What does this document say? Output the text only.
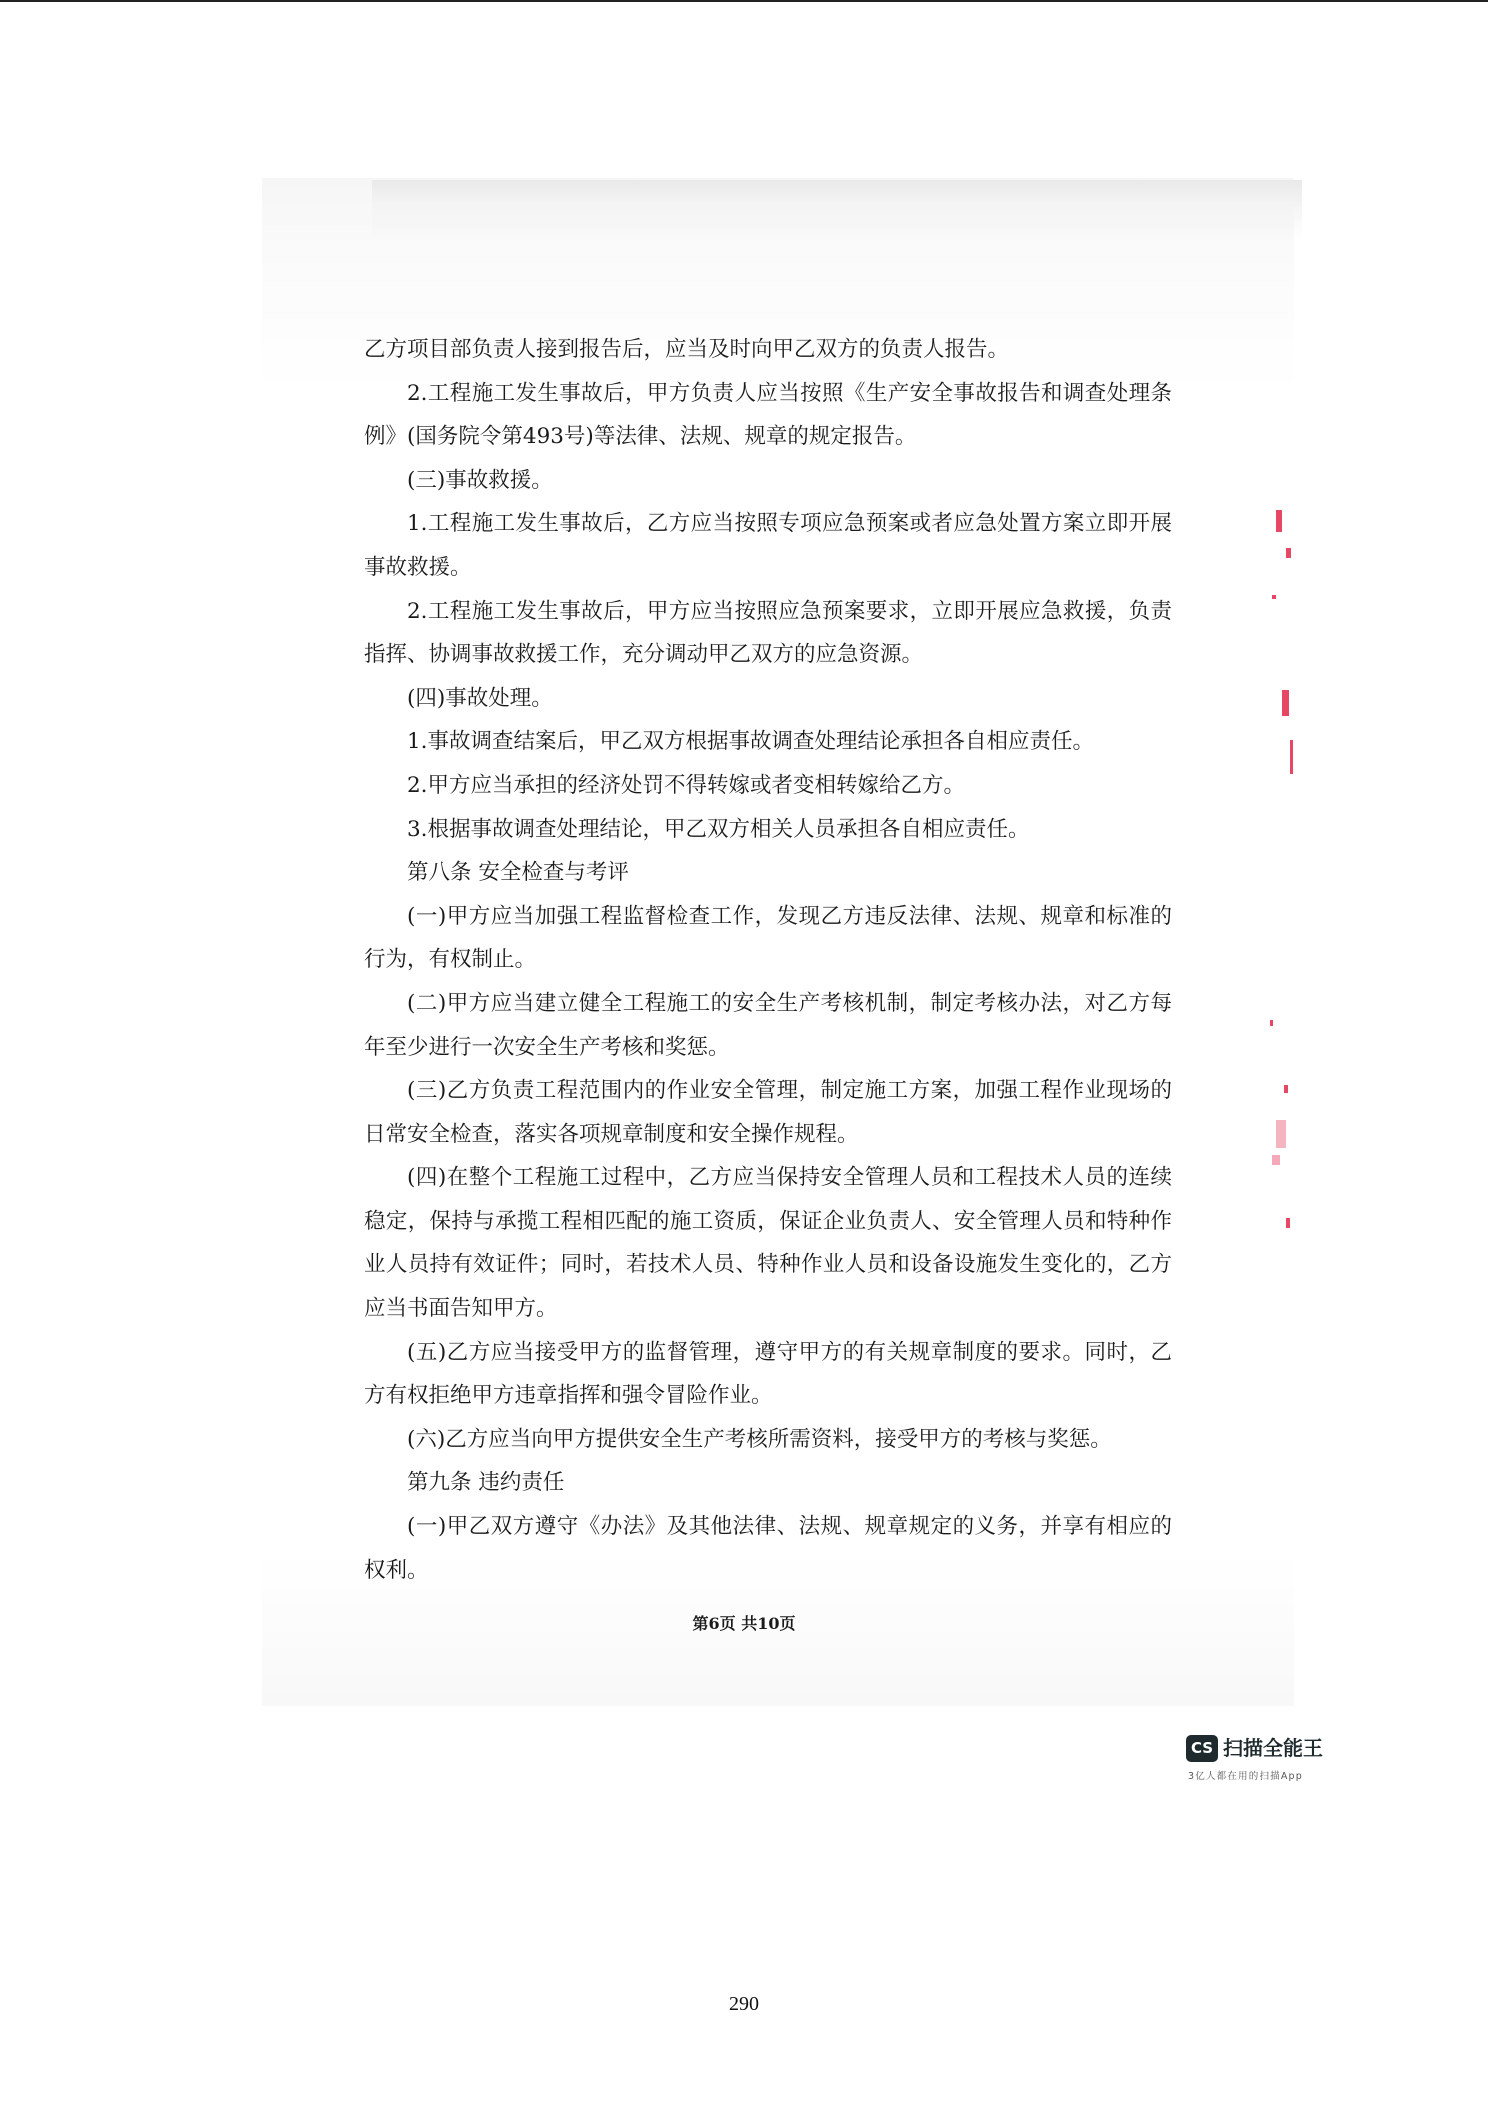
乙方项目部负责人接到报告后，应当及时向甲乙双方的负责人报告。

2.工程施工发生事故后，甲方负责人应当按照《生产安全事故报告和调查处理条例》(国务院令第493号)等法律、法规、规章的规定报告。

(三)事故救援。

1.工程施工发生事故后，乙方应当按照专项应急预案或者应急处置方案立即开展事故救援。

2.工程施工发生事故后，甲方应当按照应急预案要求，立即开展应急救援，负责指挥、协调事故救援工作，充分调动甲乙双方的应急资源。

(四)事故处理。

1.事故调查结案后，甲乙双方根据事故调查处理结论承担各自相应责任。

2.甲方应当承担的经济处罚不得转嫁或者变相转嫁给乙方。

3.根据事故调查处理结论，甲乙双方相关人员承担各自相应责任。

第八条 安全检查与考评

(一)甲方应当加强工程监督检查工作，发现乙方违反法律、法规、规章和标准的行为，有权制止。

(二)甲方应当建立健全工程施工的安全生产考核机制，制定考核办法，对乙方每年至少进行一次安全生产考核和奖惩。

(三)乙方负责工程范围内的作业安全管理，制定施工方案，加强工程作业现场的日常安全检查，落实各项规章制度和安全操作规程。

(四)在整个工程施工过程中，乙方应当保持安全管理人员和工程技术人员的连续稳定，保持与承揽工程相匹配的施工资质，保证企业负责人、安全管理人员和特种作业人员持有效证件；同时，若技术人员、特种作业人员和设备设施发生变化的，乙方应当书面告知甲方。

(五)乙方应当接受甲方的监督管理，遵守甲方的有关规章制度的要求。同时，乙方有权拒绝甲方违章指挥和强令冒险作业。

(六)乙方应当向甲方提供安全生产考核所需资料，接受甲方的考核与奖惩。

第九条 违约责任

(一)甲乙双方遵守《办法》及其他法律、法规、规章规定的义务，并享有相应的权利。

第6页 共10页
CS 扫描全能王
3亿人都在用的扫描App
290
